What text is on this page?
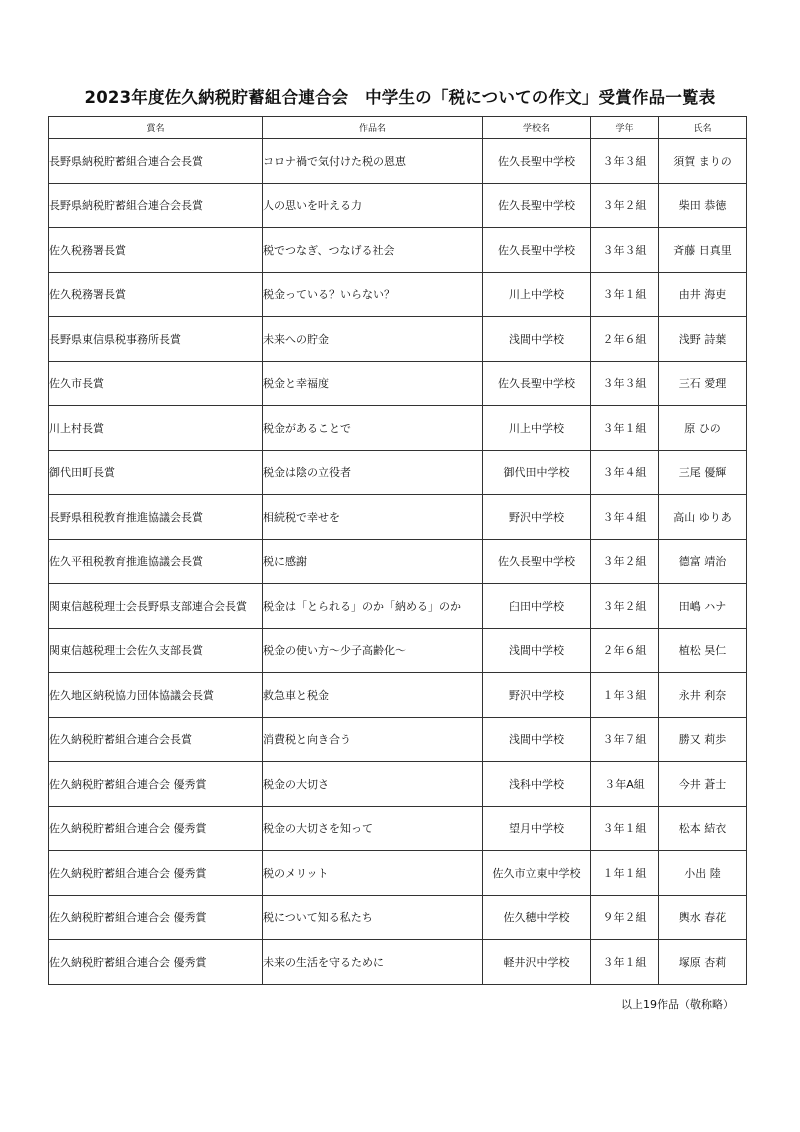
2023年度佐久納税貯蓄組合連合会　中学生の「税についての作文」受賞作品一覧表
賞名	作品名	学校名	学年	氏名
長野県納税貯蓄組合連合会長賞	コロナ禍で気付けた税の恩恵	佐久長聖中学校	３年３組	須賀 まりの
長野県納税貯蓄組合連合会長賞	人の思いを叶える力	佐久長聖中学校	３年２組	柴田 恭徳
佐久税務署長賞	税でつなぎ、つなげる社会	佐久長聖中学校	３年３組	斉藤 日真里
佐久税務署長賞	税金っている？いらない？	川上中学校	３年１組	由井 海吏
長野県東信県税事務所長賞	未来への貯金	浅間中学校	２年６組	浅野 詩葉
佐久市長賞	税金と幸福度	佐久長聖中学校	３年３組	三石 愛理
川上村長賞	税金があることで	川上中学校	３年１組	原 ひの
御代田町長賞	税金は陰の立役者	御代田中学校	３年４組	三尾 優輝
長野県租税教育推進協議会長賞	相続税で幸せを	野沢中学校	３年４組	高山 ゆりあ
佐久平租税教育推進協議会長賞	税に感謝	佐久長聖中学校	３年２組	德富 靖治
関東信越税理士会長野県支部連合会長賞	税金は「とられる」のか「納める」のか	臼田中学校	３年２組	田嶋 ハナ
関東信越税理士会佐久支部長賞	税金の使い方～少子高齢化～	浅間中学校	２年６組	植松 昊仁
佐久地区納税協力団体協議会長賞	救急車と税金	野沢中学校	１年３組	永井 利奈
佐久納税貯蓄組合連合会長賞	消費税と向き合う	浅間中学校	３年７組	勝又 莉歩
佐久納税貯蓄組合連合会 優秀賞	税金の大切さ	浅科中学校	３年A組	今井 蒼士
佐久納税貯蓄組合連合会 優秀賞	税金の大切さを知って	望月中学校	３年１組	松本 結衣
佐久納税貯蓄組合連合会 優秀賞	税のメリット	佐久市立東中学校	１年１組	小出 陸
佐久納税貯蓄組合連合会 優秀賞	税について知る私たち	佐久穂中学校	９年２組	輿水 春花
佐久納税貯蓄組合連合会 優秀賞	未来の生活を守るために	軽井沢中学校	３年１組	塚原 杏莉
以上19作品（敬称略）
